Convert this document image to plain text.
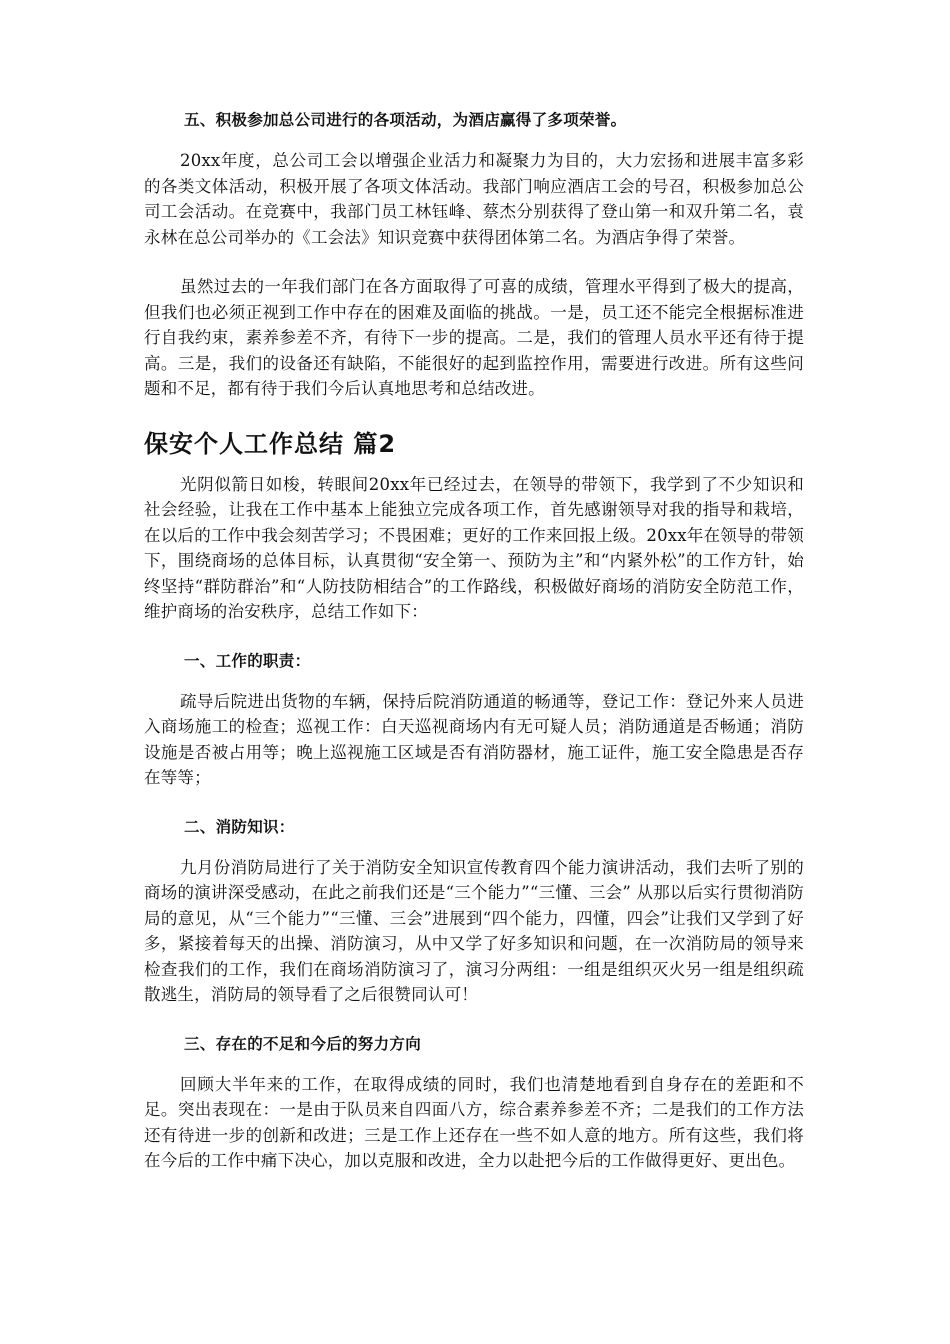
五、积极参加总公司进行的各项活动，为酒店赢得了多项荣誉。

20xx年度，总公司工会以增强企业活力和凝聚力为目的，大力宏扬和进展丰富多彩的各类文体活动，积极开展了各项文体活动。我部门响应酒店工会的号召，积极参加总公司工会活动。在竞赛中，我部门员工林钰峰、蔡杰分别获得了登山第一和双升第二名，袁永林在总公司举办的《工会法》知识竞赛中获得团体第二名。为酒店争得了荣誉。

虽然过去的一年我们部门在各方面取得了可喜的成绩，管理水平得到了极大的提高，但我们也必须正视到工作中存在的困难及面临的挑战。一是，员工还不能完全根据标准进行自我约束，素养参差不齐，有待下一步的提高。二是，我们的管理人员水平还有待于提高。三是，我们的设备还有缺陷，不能很好的起到监控作用，需要进行改进。所有这些问题和不足，都有待于我们今后认真地思考和总结改进。

保安个人工作总结 篇2

光阴似箭日如梭，转眼间20xx年已经过去，在领导的带领下，我学到了不少知识和社会经验，让我在工作中基本上能独立完成各项工作，首先感谢领导对我的指导和栽培，在以后的工作中我会刻苦学习；不畏困难；更好的工作来回报上级。20xx年在领导的带领下，围绕商场的总体目标，认真贯彻“安全第一、预防为主”和“内紧外松”的工作方针，始终坚持“群防群治”和“人防技防相结合”的工作路线，积极做好商场的消防安全防范工作，维护商场的治安秩序，总结工作如下：

一、工作的职责：

疏导后院进出货物的车辆，保持后院消防通道的畅通等，登记工作：登记外来人员进入商场施工的检查；巡视工作：白天巡视商场内有无可疑人员；消防通道是否畅通；消防设施是否被占用等；晚上巡视施工区域是否有消防器材，施工证件，施工安全隐患是否存在等等；

二、消防知识：

九月份消防局进行了关于消防安全知识宣传教育四个能力演讲活动，我们去听了别的商场的演讲深受感动，在此之前我们还是“三个能力”“三懂、三会” 从那以后实行贯彻消防局的意见，从“三个能力”“三懂、三会”进展到“四个能力，四懂，四会”让我们又学到了好多，紧接着每天的出操、消防演习，从中又学了好多知识和问题，在一次消防局的领导来检查我们的工作，我们在商场消防演习了，演习分两组：一组是组织灭火另一组是组织疏散逃生，消防局的领导看了之后很赞同认可！

三、存在的不足和今后的努力方向

回顾大半年来的工作，在取得成绩的同时，我们也清楚地看到自身存在的差距和不足。突出表现在：一是由于队员来自四面八方，综合素养参差不齐；二是我们的工作方法还有待进一步的创新和改进；三是工作上还存在一些不如人意的地方。所有这些，我们将在今后的工作中痛下决心，加以克服和改进，全力以赴把今后的工作做得更好、更出色。
